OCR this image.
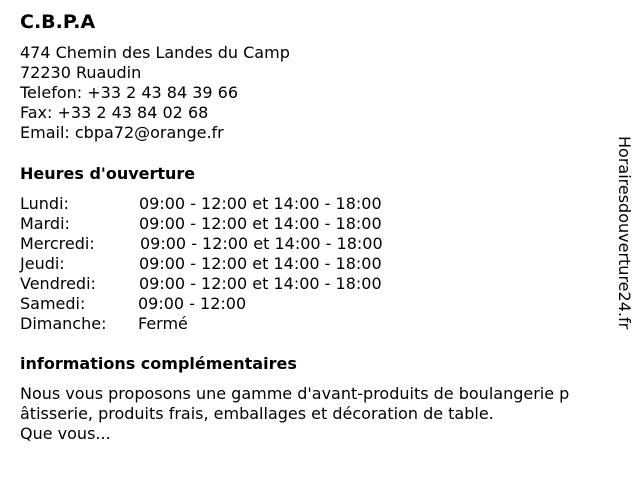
C.B.P.A
474 Chemin des Landes du Camp
72230 Ruaudin
Telefon: +33 2 43 84 39 66
Fax: +33 2 43 84 02 68
Email: cbpa72@orange.fr
Heures d'ouverture
Lundi:	09:00 - 12:00 et 14:00 - 18:00
Mardi:	09:00 - 12:00 et 14:00 - 18:00
Mercredi:	09:00 - 12:00 et 14:00 - 18:00
Jeudi:	09:00 - 12:00 et 14:00 - 18:00
Vendredi:	09:00 - 12:00 et 14:00 - 18:00
Samedi:	09:00 - 12:00
Dimanche: Fermé
informations complémentaires
Nous vous proposons une gamme d'avant-produits de boulangerie p
âtisserie, produits frais, emballages et décoration de table.
Que vous...
Horairesdouverture24.fr
